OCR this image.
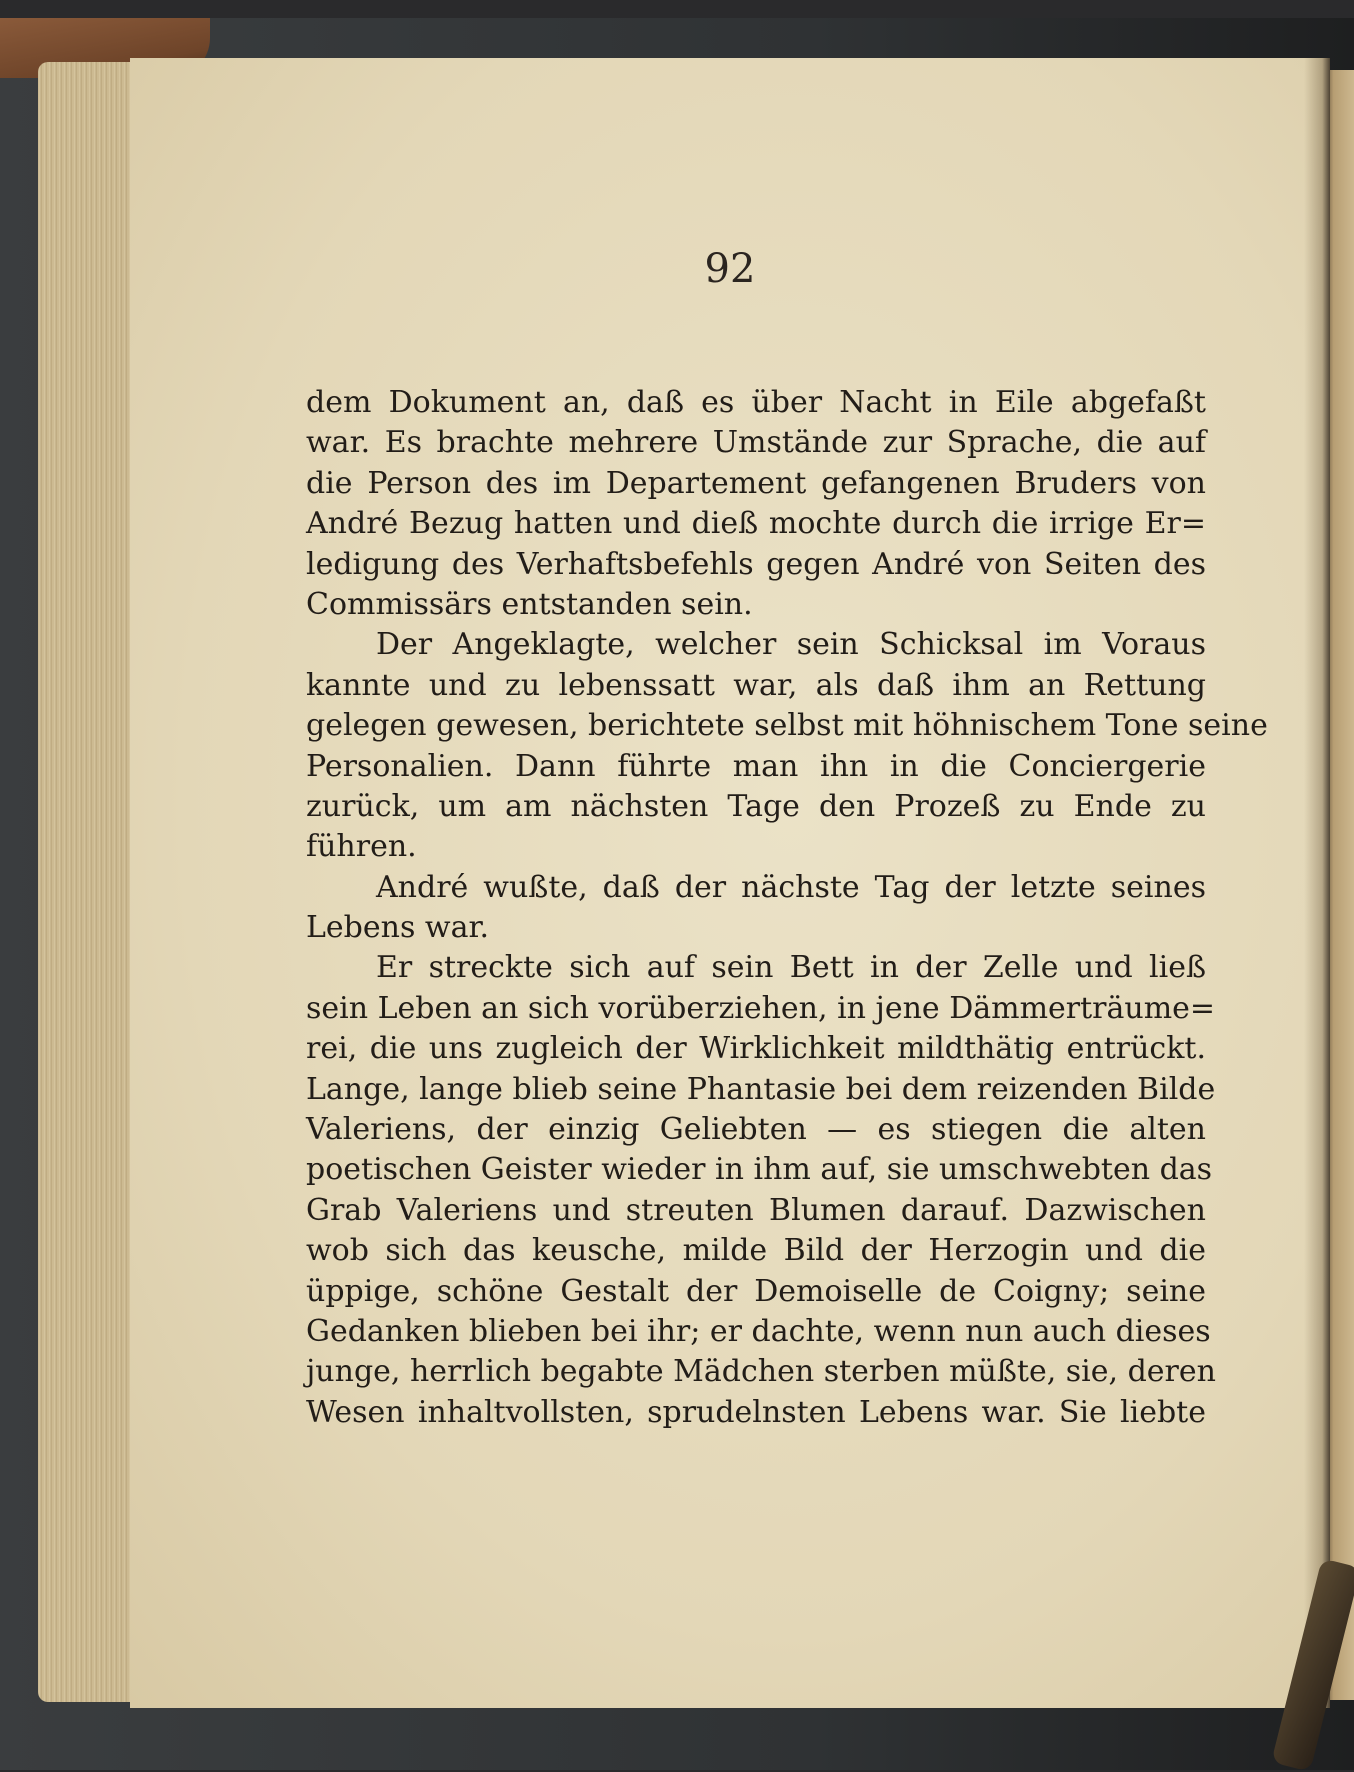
92
dem Dokument an, daß es über Nacht in Eile abgefaßt
war. Es brachte mehrere Umstände zur Sprache, die auf
die Person des im Departement gefangenen Bruders von
André Bezug hatten und dieß mochte durch die irrige Er=
ledigung des Verhaftsbefehls gegen André von Seiten des
Commissärs entstanden sein.
Der Angeklagte, welcher sein Schicksal im Voraus
kannte und zu lebenssatt war, als daß ihm an Rettung
gelegen gewesen, berichtete selbst mit höhnischem Tone seine
Personalien. Dann führte man ihn in die Conciergerie
zurück, um am nächsten Tage den Prozeß zu Ende zu
führen.
André wußte, daß der nächste Tag der letzte seines
Lebens war.
Er streckte sich auf sein Bett in der Zelle und ließ
sein Leben an sich vorüberziehen, in jene Dämmerträume=
rei, die uns zugleich der Wirklichkeit mildthätig entrückt.
Lange, lange blieb seine Phantasie bei dem reizenden Bilde
Valeriens, der einzig Geliebten — es stiegen die alten
poetischen Geister wieder in ihm auf, sie umschwebten das
Grab Valeriens und streuten Blumen darauf. Dazwischen
wob sich das keusche, milde Bild der Herzogin und die
üppige, schöne Gestalt der Demoiselle de Coigny; seine
Gedanken blieben bei ihr; er dachte, wenn nun auch dieses
junge, herrlich begabte Mädchen sterben müßte, sie, deren
Wesen inhaltvollsten, sprudelnsten Lebens war. Sie liebte
